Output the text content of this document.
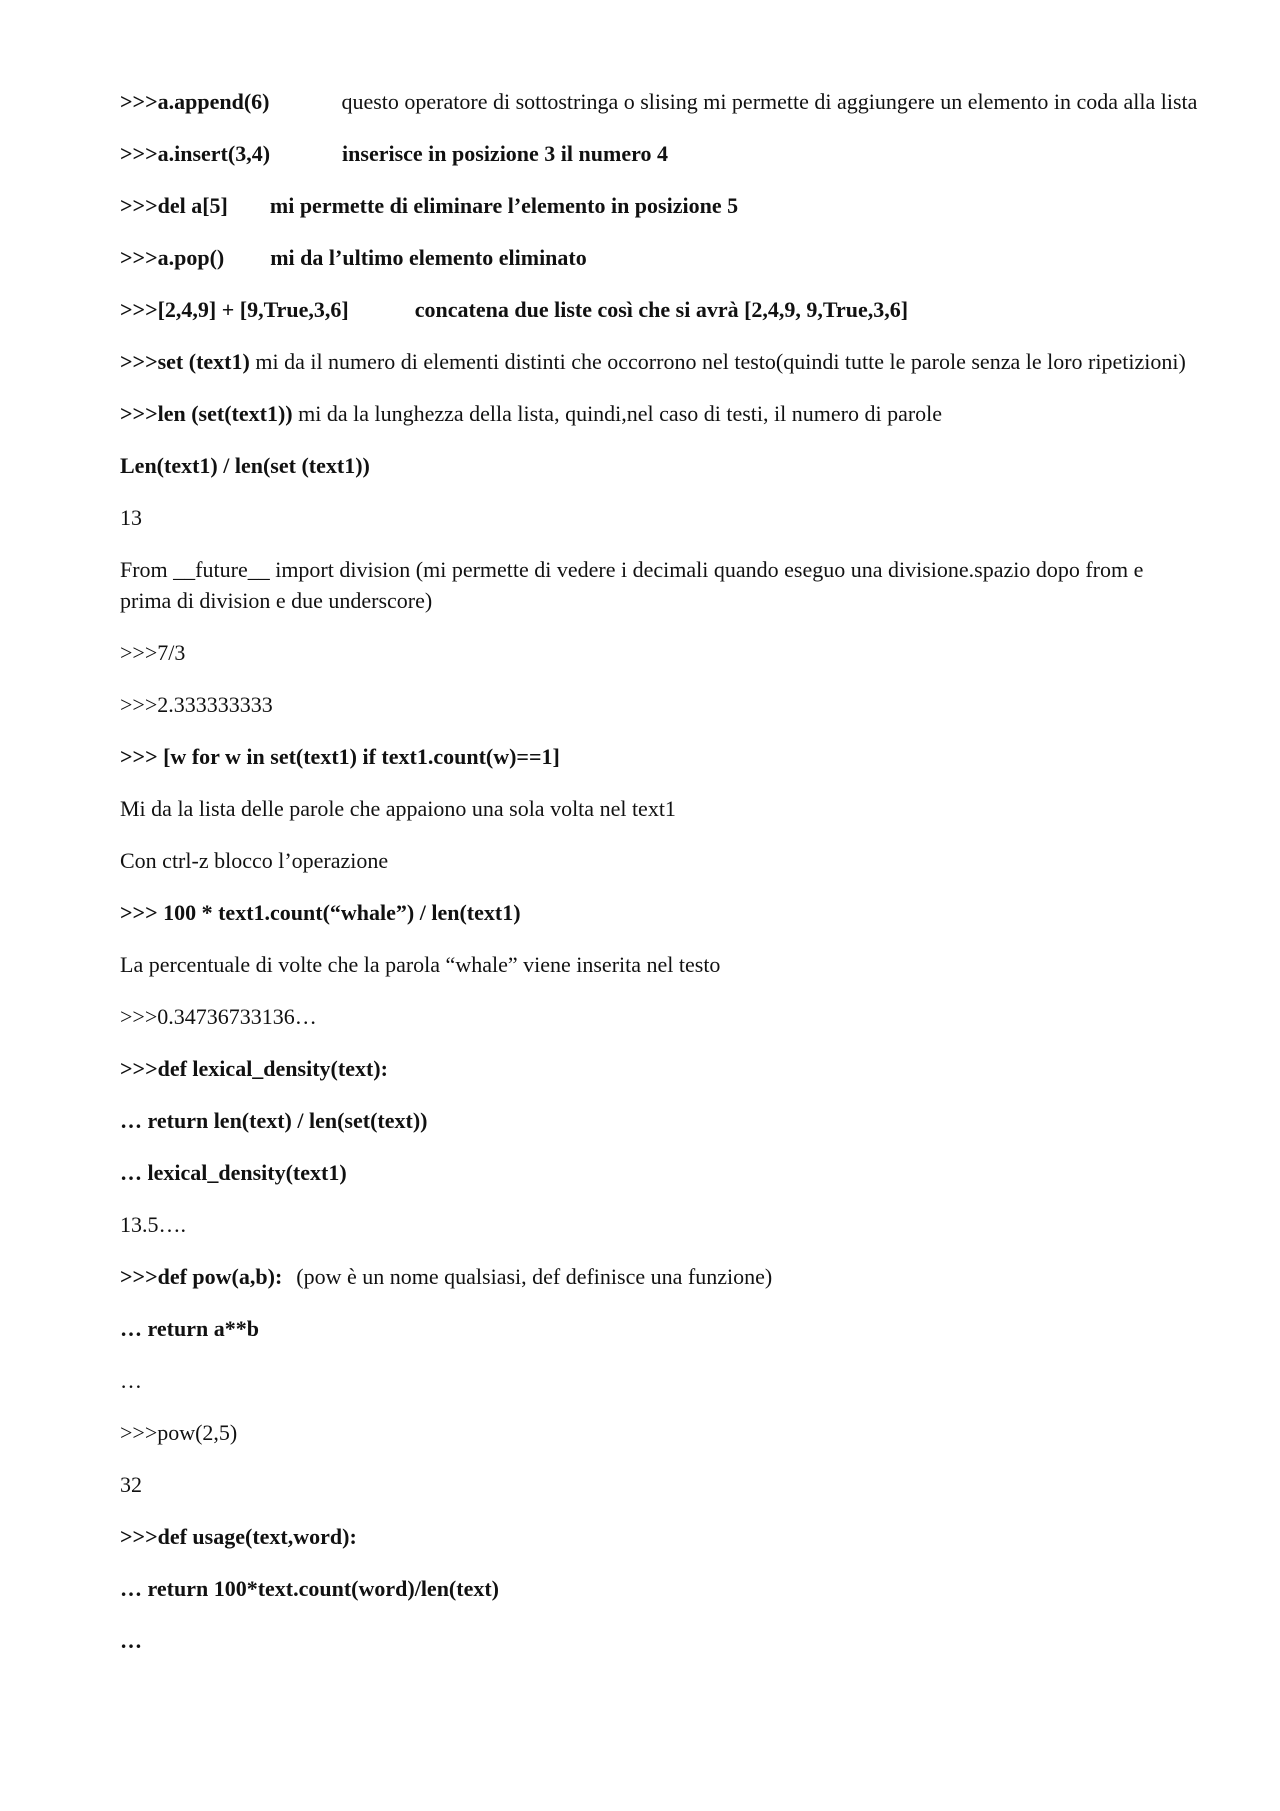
>>>a.append(6)	questo operatore di sottostringa o slising mi permette di aggiungere un elemento in coda alla lista

>>>a.insert(3,4)	inserisce in posizione 3 il numero 4

>>>del a[5] mi permette di eliminare l’elemento in posizione 5

>>>a.pop() mi da l’ultimo elemento eliminato

>>>[2,4,9] + [9,True,3,6]	concatena due liste così che si avrà [2,4,9, 9,True,3,6]

>>>set (text1) mi da il numero di elementi distinti che occorrono nel testo(quindi tutte le parole senza le loro ripetizioni)

>>>len (set(text1)) mi da la lunghezza della lista, quindi,nel caso di testi, il numero di parole

Len(text1) / len(set (text1))

13

From __future__ import division (mi permette di vedere i decimali quando eseguo una divisione.spazio dopo from e prima di division e due underscore)

>>>7/3

>>>2.333333333

>>> [w for w in set(text1) if text1.count(w)==1]

Mi da la lista delle parole che appaiono una sola volta nel text1

Con ctrl-z blocco l’operazione

>>> 100 * text1.count(“whale”) / len(text1)

La percentuale di volte che la parola “whale” viene inserita nel testo

>>>0.34736733136…

>>>def lexical_density(text):

… return len(text) / len(set(text))

… lexical_density(text1)

13.5….

>>>def pow(a,b): (pow è un nome qualsiasi, def definisce una funzione)

… return a**b

…

>>>pow(2,5)

32

>>>def usage(text,word):

… return 100*text.count(word)/len(text)

…
